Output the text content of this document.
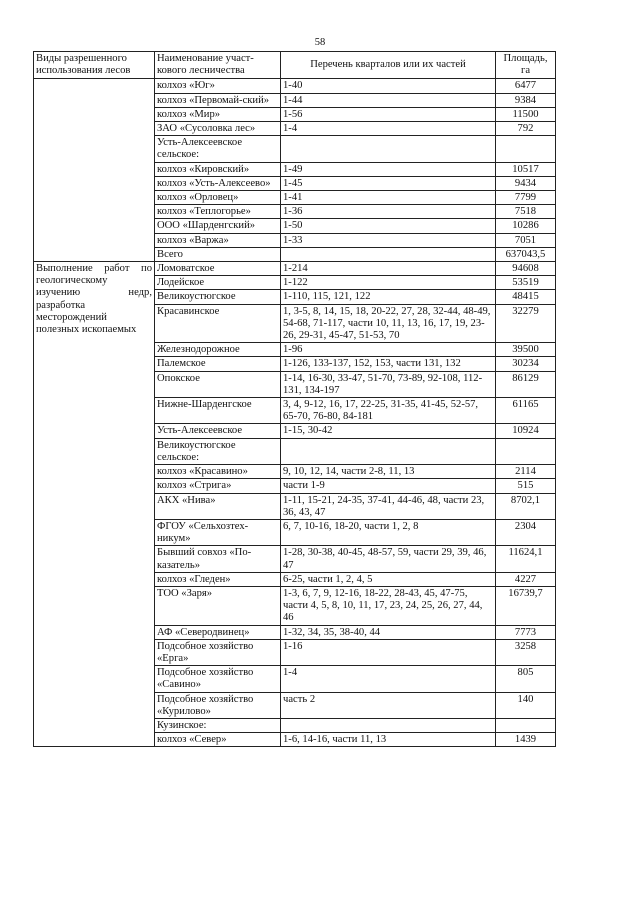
58
Виды разрешенного использования лесов	Наименование участ-кового лесничества	Перечень кварталов или их частей	Площадь, га
	колхоз «Юг»	1-40	6477
	колхоз «Первомай-ский»	1-44	9384
	колхоз «Мир»	1-56	11500
	ЗАО «Сусоловка лес»	1-4	792
	Усть-Алексеевское сельское:		
	колхоз «Кировский»	1-49	10517
	колхоз «Усть-Алексеево»	1-45	9434
	колхоз «Орловец»	1-41	7799
	колхоз «Теплогорье»	1-36	7518
	ООО «Шарденгский»	1-50	10286
	колхоз «Варжа»	1-33	7051
	Всего		637043,5
Выполнение работ по геологическому изучению недр, разработка месторождений полезных ископаемых	Ломоватское	1-214	94608
	Лодейское	1-122	53519
	Великоустюгское	1-110, 115, 121, 122	48415
	Красавинское	1, 3-5, 8, 14, 15, 18, 20-22, 27, 28, 32-44, 48-49, 54-68, 71-117, части 10, 11, 13, 16, 17, 19, 23-26, 29-31, 45-47, 51-53, 70	32279
	Железнодорожное	1-96	39500
	Палемское	1-126, 133-137, 152, 153, части 131, 132	30234
	Опокское	1-14, 16-30, 33-47, 51-70, 73-89, 92-108, 112-131, 134-197	86129
	Нижне-Шарденгское	3, 4, 9-12, 16, 17, 22-25, 31-35, 41-45, 52-57, 65-70, 76-80, 84-181	61165
	Усть-Алексеевское	1-15, 30-42	10924
	Великоустюгское сельское:		
	колхоз «Красавино»	9, 10, 12, 14, части 2-8, 11, 13	2114
	колхоз «Стрига»	части 1-9	515
	АКХ «Нива»	1-11, 15-21, 24-35, 37-41, 44-46, 48, части 23, 36, 43, 47	8702,1
	ФГОУ «Сельхозтех-никум»	6, 7, 10-16, 18-20, части 1, 2, 8	2304
	Бывший совхоз «По-казатель»	1-28, 30-38, 40-45, 48-57, 59, части 29, 39, 46, 47	11624,1
	колхоз «Гледен»	6-25, части 1, 2, 4, 5	4227
	ТОО «Заря»	1-3, 6, 7, 9, 12-16, 18-22, 28-43, 45, 47-75, части 4, 5, 8, 10, 11, 17, 23, 24, 25, 26, 27, 44, 46	16739,7
	АФ «Северодвинец»	1-32, 34, 35, 38-40, 44	7773
	Подсобное хозяйство «Ерга»	1-16	3258
	Подсобное хозяйство «Савино»	1-4	805
	Подсобное хозяйство «Курилово»	часть 2	140
	Кузинское:		
	колхоз «Север»	1-6, 14-16, части 11, 13	1439
